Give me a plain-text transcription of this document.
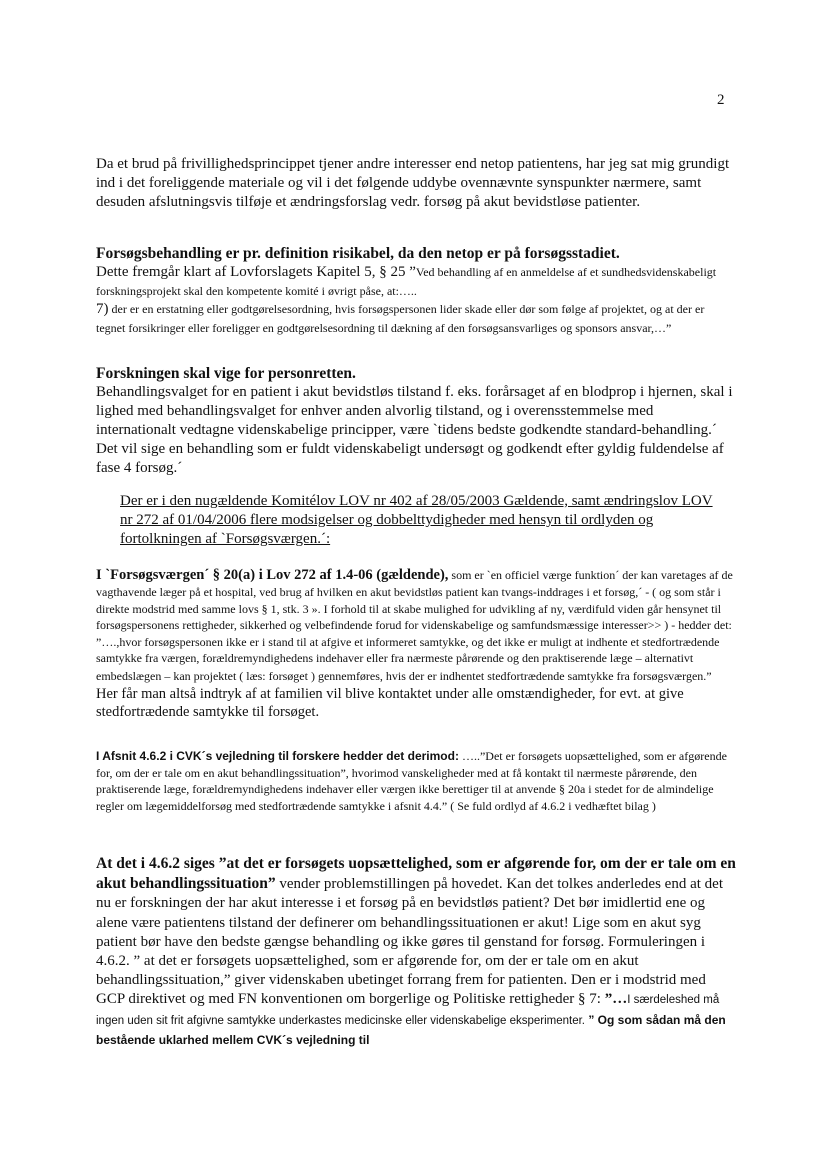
2
Da et brud på frivillighedsprincippet tjener andre interesser end netop patientens, har jeg sat mig grundigt ind i det foreliggende materiale og vil i det følgende uddybe ovennævnte synspunkter nærmere, samt desuden afslutningsvis tilføje et ændringsforslag vedr. forsøg på akut bevidstløse patienter.
Forsøgsbehandling er pr. definition risikabel, da den netop er på forsøgsstadiet.
Dette fremgår klart af Lovforslagets Kapitel 5, § 25 ”Ved behandling af en anmeldelse af et sundhedsvidenskabeligt forskningsprojekt skal den kompetente komité i øvrigt påse, at:…..
7) der er en erstatning eller godtgørelsesordning, hvis forsøgspersonen lider skade eller dør som følge af projektet, og at der er tegnet forsikringer eller foreligger en godtgørelsesordning til dækning af den forsøgsansvarliges og sponsors ansvar,…”
Forskningen skal vige for personretten.
Behandlingsvalget for en patient i akut bevidstløs tilstand f. eks. forårsaget af en blodprop i hjernen, skal i lighed med behandlingsvalget for enhver anden alvorlig tilstand, og i overensstemmelse med internationalt vedtagne videnskabelige principper, være `tidens bedste godkendte standard-behandling.´ Det vil sige en behandling som er fuldt videnskabeligt undersøgt og godkendt efter gyldig fuldendelse af fase 4 forsøg.´
Der er i den nugældende Komitélov LOV nr 402 af 28/05/2003 Gældende, samt ændringslov LOV nr 272 af 01/04/2006 flere modsigelser og dobbelttydigheder med hensyn til ordlyden og fortolkningen af `Forsøgsværgen.´:
I `Forsøgsværgen´ § 20(a) i Lov 272 af 1.4-06 (gældende), som er `en officiel værge funktion´ der kan varetages af de vagthavende læger på et hospital, ved brug af hvilken en akut bevidstløs patient kan tvangs-inddrages i et forsøg,´ - ( og som står i direkte modstrid med samme lovs § 1, stk. 3 ». I forhold til at skabe mulighed for udvikling af ny, værdifuld viden går hensynet til forsøgspersonens rettigheder, sikkerhed og velbefindende forud for videnskabelige og samfundsmæssige interesser>> ) - hedder det: ”….,hvor forsøgspersonen ikke er i stand til at afgive et informeret samtykke, og det ikke er muligt at indhente et stedfortrædende samtykke fra værgen, forældremyndighedens indehaver eller fra nærmeste pårørende og den praktiserende læge – alternativt embedslægen – kan projektet ( læs: forsøget ) gennemføres, hvis der er indhentet stedfortrædende samtykke fra forsøgsværgen.” Her får man altså indtryk af at familien vil blive kontaktet under alle omstændigheder, for evt. at give stedfortrædende samtykke til forsøget.
I Afsnit 4.6.2 i CVK´s vejledning til forskere hedder det derimod: …..”Det er forsøgets uopsættelighed, som er afgørende for, om der er tale om en akut behandlingssituation”, hvorimod vanskeligheder med at få kontakt til nærmeste pårørende, den praktiserende læge, forældremyndighedens indehaver eller værgen ikke berettiger til at anvende § 20a i stedet for de almindelige regler om lægemiddelforsøg med stedfortrædende samtykke i afsnit 4.4.” ( Se fuld ordlyd af 4.6.2 i vedhæftet bilag )
At det i 4.6.2 siges ”at det er forsøgets uopsættelighed, som er afgørende for, om der er tale om en akut behandlingssituation” vender problemstillingen på hovedet. Kan det tolkes anderledes end at det nu er forskningen der har akut interesse i et forsøg på en bevidstløs patient? Det bør imidlertid ene og alene være patientens tilstand der definerer om behandlingssituationen er akut! Lige som en akut syg patient bør have den bedste gængse behandling og ikke gøres til genstand for forsøg. Formuleringen i 4.6.2. ” at det er forsøgets uopsættelighed, som er afgørende for, om der er tale om en akut behandlingssituation,” giver videnskaben ubetinget forrang frem for patienten. Den er i modstrid med GCP direktivet og med FN konventionen om borgerlige og Politiske rettigheder § 7: ”…I særdeleshed må ingen uden sit frit afgivne samtykke underkastes medicinske eller videnskabelige eksperimenter. ” Og som sådan må den bestående uklarhed mellem CVK´s vejledning til
